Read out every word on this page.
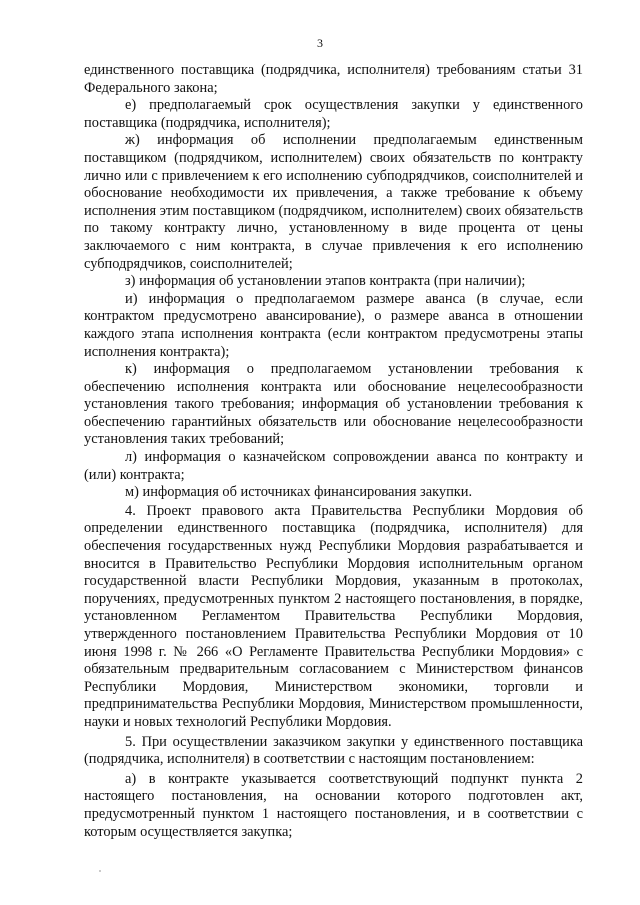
3

единственного поставщика (подрядчика, исполнителя) требованиям статьи 31 Федерального закона;

е) предполагаемый срок осуществления закупки у единственного поставщика (подрядчика, исполнителя);

ж) информация об исполнении предполагаемым единственным поставщиком (подрядчиком, исполнителем) своих обязательств по контракту лично или с привлечением к его исполнению субподрядчиков, соисполнителей и обоснование необходимости их привлечения, а также требование к объему исполнения этим поставщиком (подрядчиком, исполнителем) своих обязательств по такому контракту лично, установленному в виде процента от цены заключаемого с ним контракта, в случае привлечения к его исполнению субподрядчиков, соисполнителей;

з) информация об установлении этапов контракта (при наличии);

и) информация о предполагаемом размере аванса (в случае, если контрактом предусмотрено авансирование), о размере аванса в отношении каждого этапа исполнения контракта (если контрактом предусмотрены этапы исполнения контракта);

к) информация о предполагаемом установлении требования к обеспечению исполнения контракта или обоснование нецелесообразности установления такого требования; информация об установлении требования к обеспечению гарантийных обязательств или обоснование нецелесообразности установления таких требований;

л) информация о казначейском сопровождении аванса по контракту и (или) контракта;

м) информация об источниках финансирования закупки.

4. Проект правового акта Правительства Республики Мордовия об определении единственного поставщика (подрядчика, исполнителя) для обеспечения государственных нужд Республики Мордовия разрабатывается и вносится в Правительство Республики Мордовия исполнительным органом государственной власти Республики Мордовия, указанным в протоколах, поручениях, предусмотренных пунктом 2 настоящего постановления, в порядке, установленном Регламентом Правительства Республики Мордовия, утвержденного постановлением Правительства Республики Мордовия от 10 июня 1998 г. № 266 «О Регламенте Правительства Республики Мордовия» с обязательным предварительным согласованием с Министерством финансов Республики Мордовия, Министерством экономики, торговли и предпринимательства Республики Мордовия, Министерством промышленности, науки и новых технологий Республики Мордовия.

5. При осуществлении заказчиком закупки у единственного поставщика (подрядчика, исполнителя) в соответствии с настоящим постановлением:

а) в контракте указывается соответствующий подпункт пункта 2 настоящего постановления, на основании которого подготовлен акт, предусмотренный пунктом 1 настоящего постановления, и в соответствии с которым осуществляется закупка;
